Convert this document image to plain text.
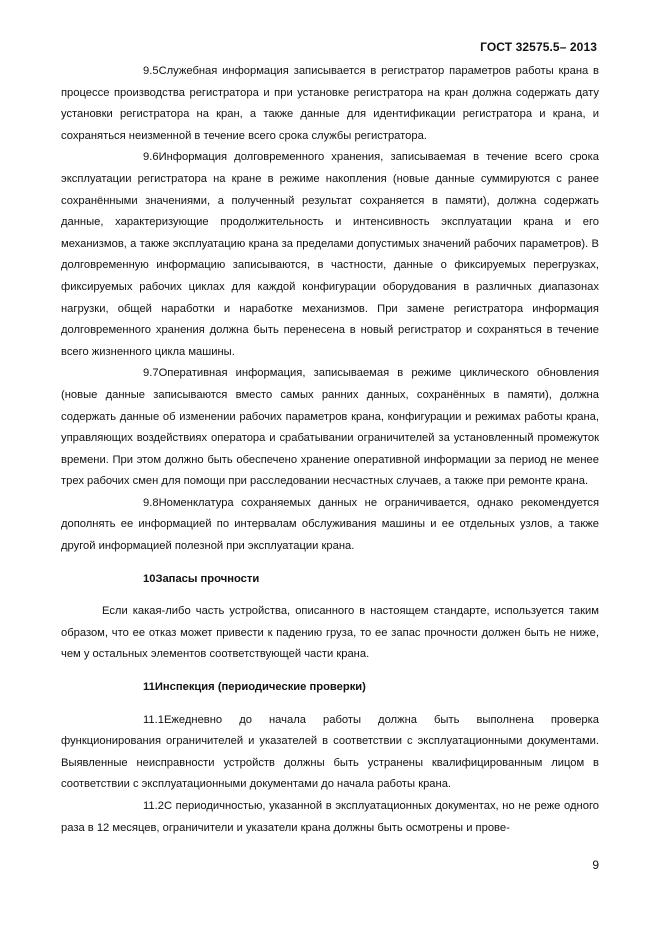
ГОСТ 32575.5– 2013

9.5Служебная информация записывается в регистратор параметров работы крана в процессе производства регистратора и при установке регистратора на кран должна содержать дату установки регистратора на кран, а также данные для идентификации регистратора и крана, и сохраняться неизменной в течение всего срока службы регистратора.

9.6Информация долговременного хранения, записываемая в течение всего срока эксплуатации регистратора на кране в режиме накопления (новые данные суммируются с ранее сохранёнными значениями, а полученный результат сохраняется в памяти), должна содержать данные, характеризующие продолжительность и интенсивность эксплуатации крана и его механизмов, а также эксплуатацию крана за пределами допустимых значений рабочих параметров). В долговременную информацию записываются, в частности, данные о фиксируемых перегрузках, фиксируемых рабочих циклах для каждой конфигурации оборудования в различных диапазонах нагрузки, общей наработки и наработке механизмов. При замене регистратора информация долговременного хранения должна быть перенесена в новый регистратор и сохраняться в течение всего жизненного цикла машины.

9.7Оперативная информация, записываемая в режиме циклического обновления (новые данные записываются вместо самых ранних данных, сохранённых в памяти), должна содержать данные об изменении рабочих параметров крана, конфигурации и режимах работы крана, управляющих воздействиях оператора и срабатывании ограничителей за установленный промежуток времени. При этом должно быть обеспечено хранение оперативной информации за период не менее трех рабочих смен для помощи при расследовании несчастных случаев, а также при ремонте крана.

9.8Номенклатура сохраняемых данных не ограничивается, однако рекомендуется дополнять ее информацией по интервалам обслуживания машины и ее отдельных узлов, а также другой информацией полезной при эксплуатации крана.

10Запасы прочности

Если какая-либо часть устройства, описанного в настоящем стандарте, используется таким образом, что ее отказ может привести к падению груза, то ее запас прочности должен быть не ниже, чем у остальных элементов соответствующей части крана.

11Инспекция (периодические проверки)

11.1Ежедневно до начала работы должна быть выполнена проверка функционирования ограничителей и указателей в соответствии с эксплуатационными документами. Выявленные неисправности устройств должны быть устранены квалифицированным лицом в соответствии с эксплуатационными документами до начала работы крана.

11.2С периодичностью, указанной в эксплуатационных документах, но не реже одного раза в 12 месяцев, ограничители и указатели крана должны быть осмотрены и прове-

9
